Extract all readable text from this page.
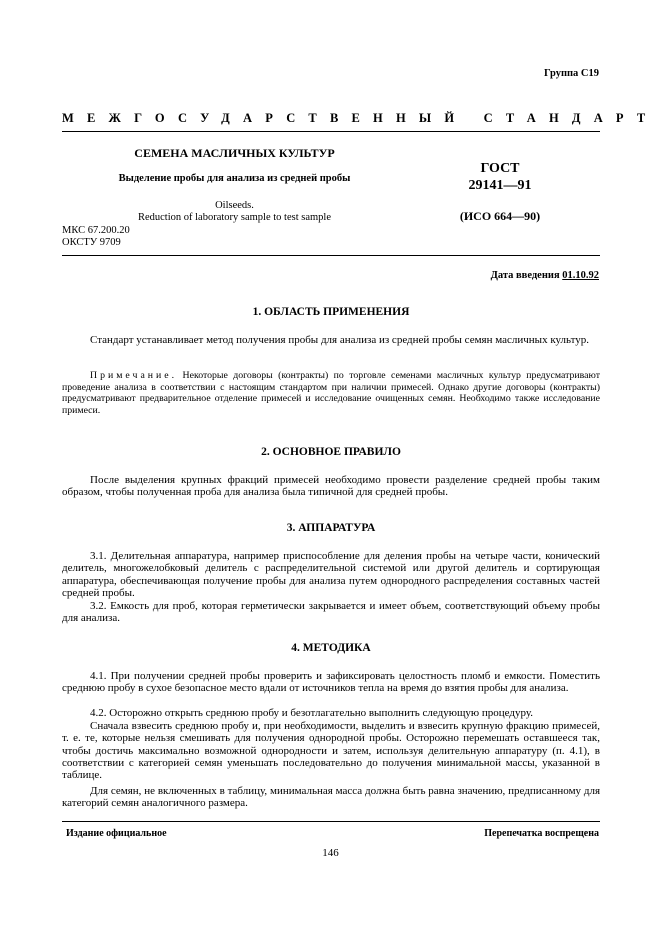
Группа С19
МЕЖГОСУДАРСТВЕННЫЙ СТАНДАРТ
СЕМЕНА МАСЛИЧНЫХ КУЛЬТУР
Выделение пробы для анализа из средней пробы
Oilseeds.
Reduction of laboratory sample to test sample
ГОСТ
29141—91
(ИСО 664—90)
МКС 67.200.20
ОКСТУ 9709
Дата введения 01.10.92
1. ОБЛАСТЬ ПРИМЕНЕНИЯ

Стандарт устанавливает метод получения пробы для анализа из средней пробы семян масличных культур.

Примечание. Некоторые договоры (контракты) по торговле семенами масличных культур предусматривают проведение анализа в соответствии с настоящим стандартом при наличии примесей. Однако другие договоры (контракты) предусматривают предварительное отделение примесей и исследование очищенных семян. Необходимо также исследование примеси.

2. ОСНОВНОЕ ПРАВИЛО

После выделения крупных фракций примесей необходимо провести разделение средней пробы таким образом, чтобы полученная проба для анализа была типичной для средней пробы.

3. АППАРАТУРА

3.1. Делительная аппаратура, например приспособление для деления пробы на четыре части, конический делитель, многожелобковый делитель с распределительной системой или другой делитель и сортирующая аппаратура, обеспечивающая получение пробы для анализа путем однородного распределения составных частей средней пробы.

3.2. Емкость для проб, которая герметически закрывается и имеет объем, соответствующий объему пробы для анализа.

4. МЕТОДИКА

4.1. При получении средней пробы проверить и зафиксировать целостность пломб и емкости. Поместить среднюю пробу в сухое безопасное место вдали от источников тепла на время до взятия пробы для анализа.

4.2. Осторожно открыть среднюю пробу и безотлагательно выполнить следующую процедуру.

Сначала взвесить среднюю пробу и, при необходимости, выделить и взвесить крупную фракцию примесей, т. е. те, которые нельзя смешивать для получения однородной пробы. Осторожно перемешать оставшееся так, чтобы достичь максимально возможной однородности и затем, используя делительную аппаратуру (п. 4.1), в соответствии с категорией семян уменьшать последовательно до получения минимальной массы, указанной в таблице.

Для семян, не включенных в таблицу, минимальная масса должна быть равна значению, предписанному для категорий семян аналогичного размера.

Издание официальное	Перепечатка воспрещена
146
